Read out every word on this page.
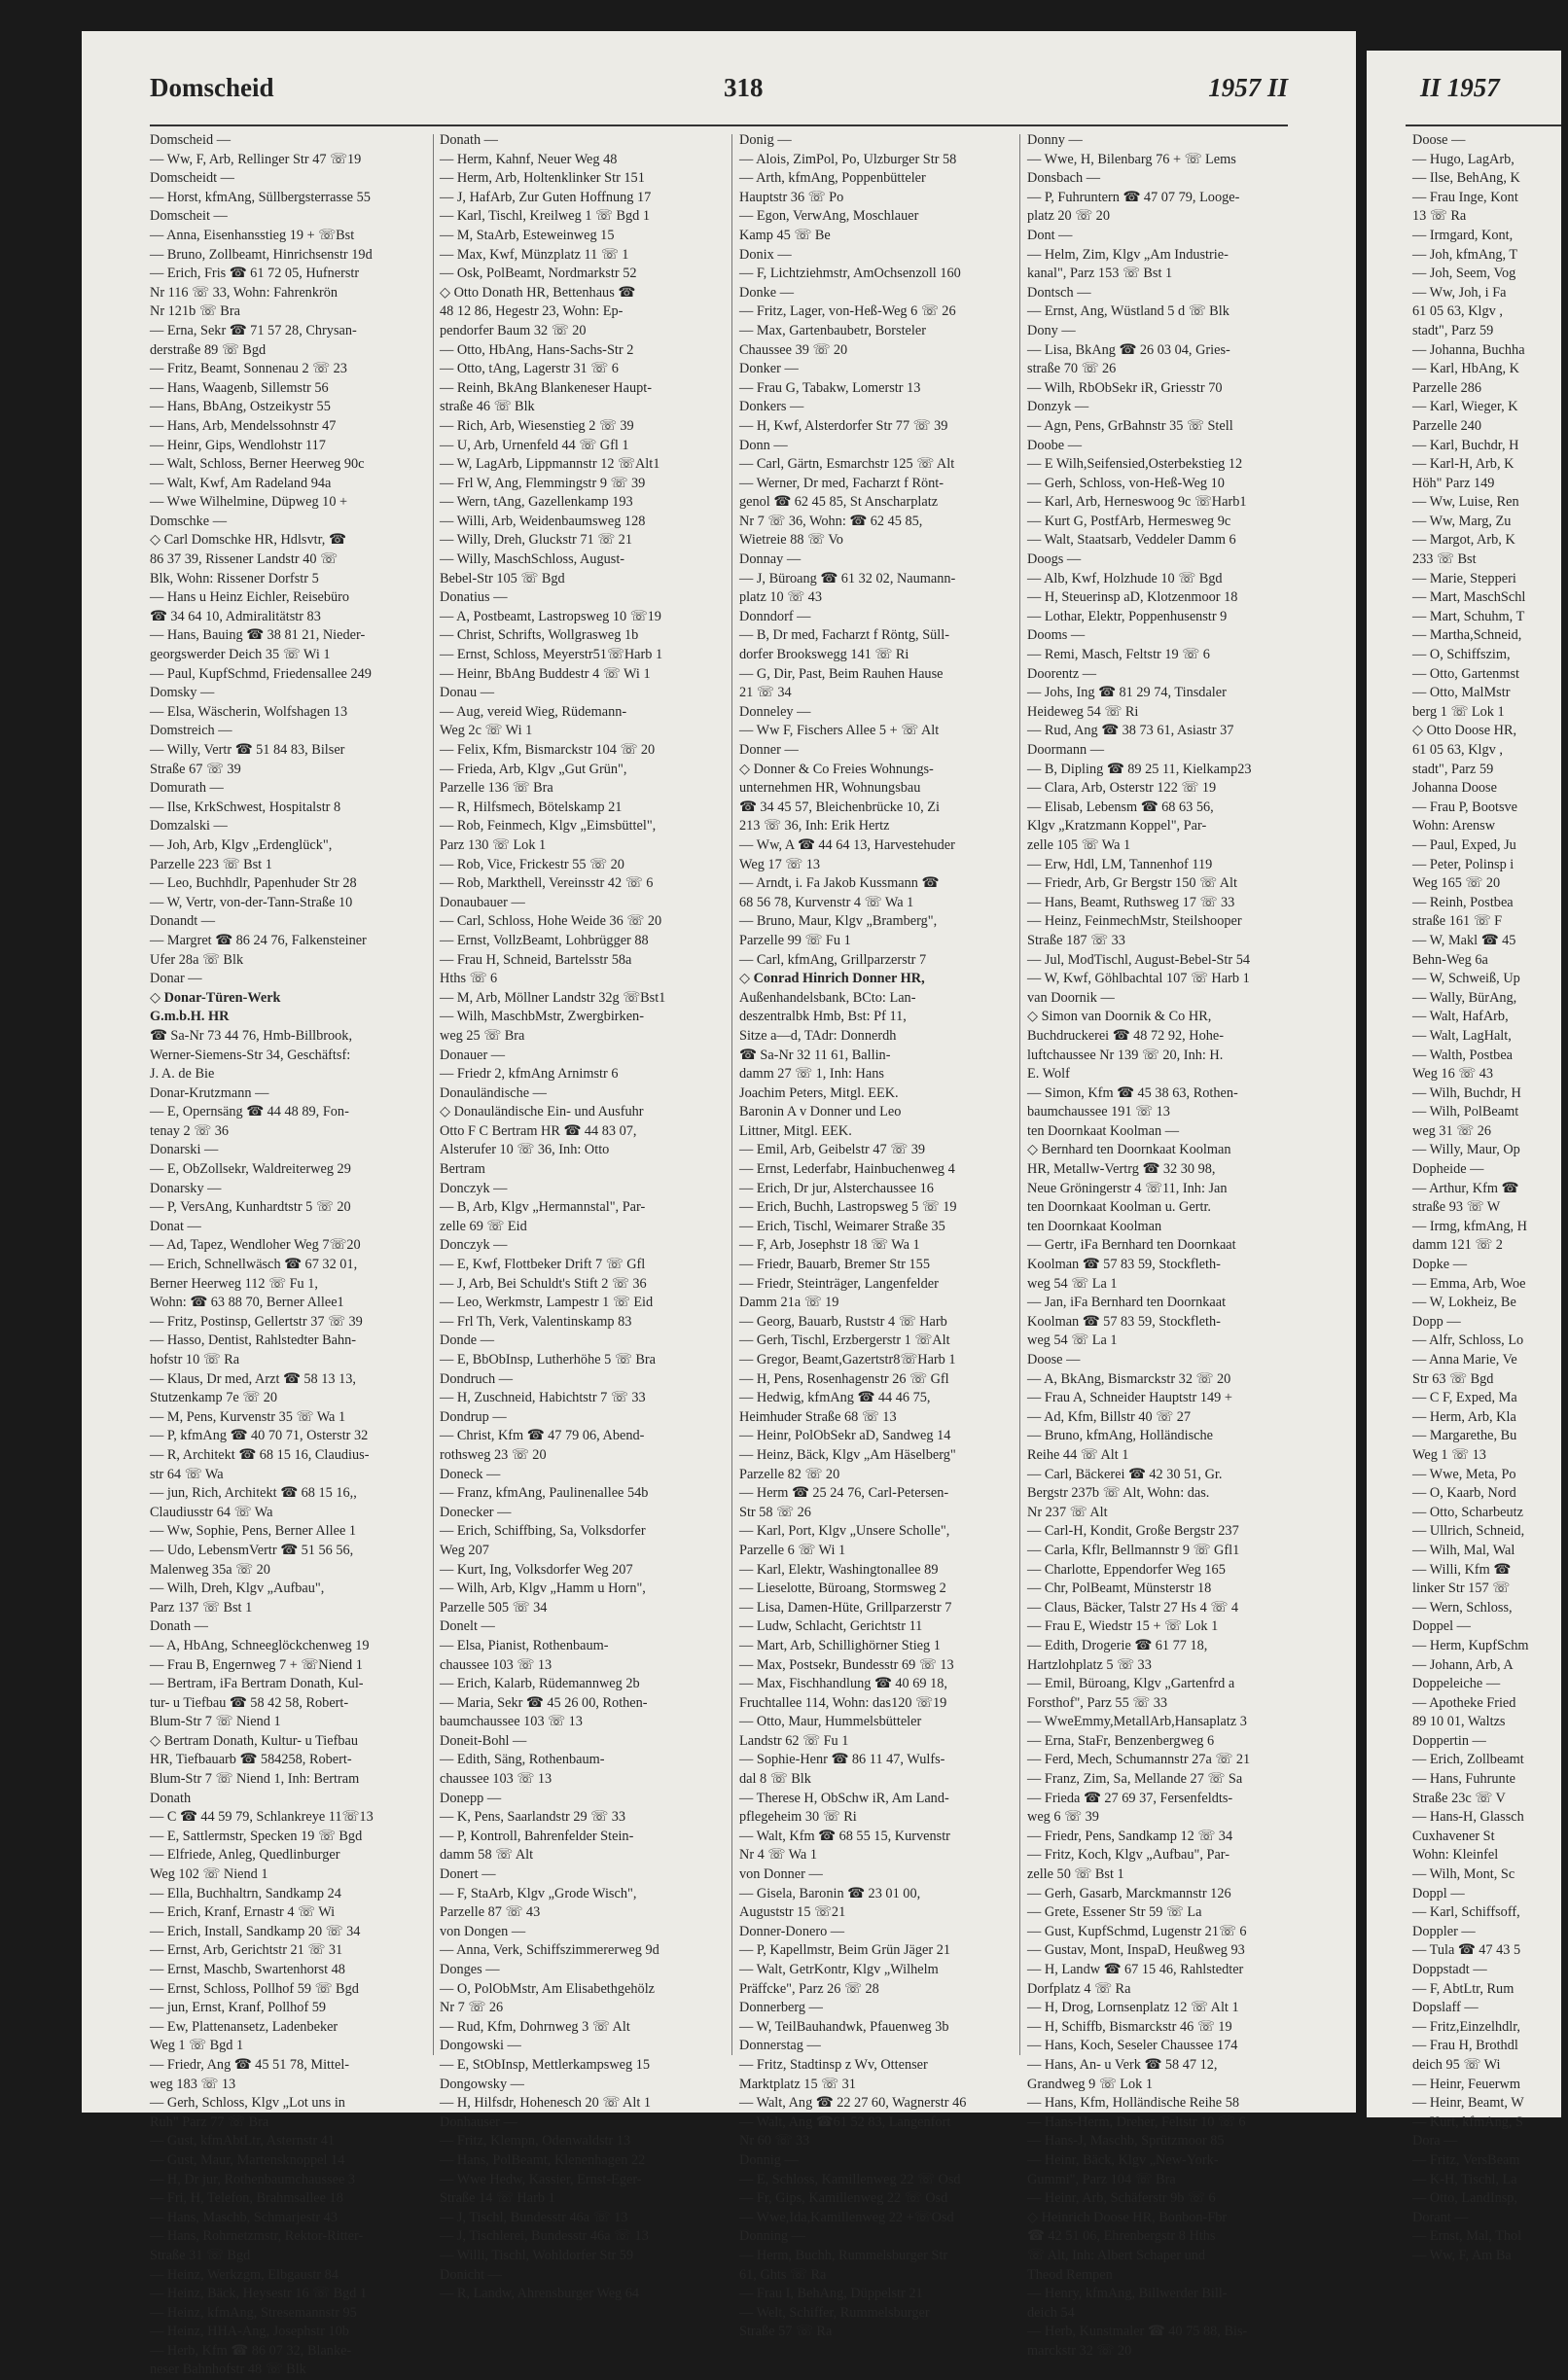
Domscheid	318	1957 II	II 1957
Domscheid —
— Ww, F, Arb, Rellinger Str 47 ☏19
Domscheidt —
— Horst, kfmAng, Süllbergsterrasse 55
Domscheit —
— Anna, Eisenhansstieg 19 + ☏Bst
— Bruno, Zollbeamt, Hinrichsenstr 19d
— Erich, Fris ☎ 61 72 05, Hufnerstr
Nr 116 ☏ 33, Wohn: Fahrenkrön
Nr 121b ☏ Bra
— Erna, Sekr ☎ 71 57 28, Chrysan-
derstraße 89 ☏ Bgd
— Fritz, Beamt, Sonnenau 2 ☏ 23
— Hans, Waagenb, Sillemstr 56
— Hans, BbAng, Ostzeikystr 55
— Hans, Arb, Mendelssohnstr 47
— Heinr, Gips, Wendlohstr 117
— Walt, Schloss, Berner Heerweg 90c
— Walt, Kwf, Am Radeland 94a
— Wwe Wilhelmine, Düpweg 10 +
Domschke —
◇ Carl Domschke HR, Hdlsvtr, ☎
86 37 39, Rissener Landstr 40 ☏
Blk, Wohn: Rissener Dorfstr 5
— Hans u Heinz Eichler, Reisebüro
☎ 34 64 10, Admiralitätstr 83
— Hans, Bauing ☎ 38 81 21, Nieder-
georgswerder Deich 35 ☏ Wi 1
— Paul, KupfSchmd, Friedensallee 249
Domsky —
— Elsa, Wäscherin, Wolfshagen 13
Domstreich —
— Willy, Vertr ☎ 51 84 83, Bilser
Straße 67 ☏ 39
Domurath —
— Ilse, KrkSchwest, Hospitalstr 8
Domzalski —
— Joh, Arb, Klgv „Erdenglück",
Parzelle 223 ☏ Bst 1
— Leo, Buchhdlr, Papenhuder Str 28
— W, Vertr, von-der-Tann-Straße 10
Donandt —
— Margret ☎ 86 24 76, Falkensteiner
Ufer 28a ☏ Blk
Donar —
◇ Donar-Türen-Werk
G.m.b.H. HR
☎ Sa-Nr 73 44 76, Hmb-Billbrook,
Werner-Siemens-Str 34, Geschäftsf:
J. A. de Bie
Donar-Krutzmann —
— E, Opernsäng ☎ 44 48 89, Fon-
tenay 2 ☏ 36
Donarski —
— E, ObZollsekr, Waldreiterweg 29
Donarsky —
— P, VersAng, Kunhardtstr 5 ☏ 20
Donat —
— Ad, Tapez, Wendloher Weg 7☏20
— Erich, Schnellwäsch ☎ 67 32 01,
Berner Heerweg 112 ☏ Fu 1,
Wohn: ☎ 63 88 70, Berner Allee1
— Fritz, Postinsp, Gellertstr 37 ☏ 39
— Hasso, Dentist, Rahlstedter Bahn-
hofstr 10 ☏ Ra
— Klaus, Dr med, Arzt ☎ 58 13 13,
Stutzenkamp 7e ☏ 20
— M, Pens, Kurvenstr 35 ☏ Wa 1
— P, kfmAng ☎ 40 70 71, Osterstr 32
— R, Architekt ☎ 68 15 16, Claudius-
str 64 ☏ Wa
— jun, Rich, Architekt ☎ 68 15 16,,
Claudiusstr 64 ☏ Wa
— Ww, Sophie, Pens, Berner Allee 1
— Udo, LebensmVertr ☎ 51 56 56,
Malenweg 35a ☏ 20
— Wilh, Dreh, Klgv „Aufbau",
Parz 137 ☏ Bst 1
Donath —
— A, HbAng, Schneeglöckchenweg 19
— Frau B, Engernweg 7 + ☏Niend 1
— Bertram, iFa Bertram Donath, Kul-
tur- u Tiefbau ☎ 58 42 58, Robert-
Blum-Str 7 ☏ Niend 1
◇ Bertram Donath, Kultur- u Tiefbau
HR, Tiefbauarb ☎ 584258, Robert-
Blum-Str 7 ☏ Niend 1, Inh: Bertram
Donath
— C ☎ 44 59 79, Schlankreye 11☏13
— E, Sattlermstr, Specken 19 ☏ Bgd
— Elfriede, Anleg, Quedlinburger
Weg 102 ☏ Niend 1
— Ella, Buchhaltrn, Sandkamp 24
— Erich, Kranf, Ernastr 4 ☏ Wi
— Erich, Install, Sandkamp 20 ☏ 34
— Ernst, Arb, Gerichtstr 21 ☏ 31
— Ernst, Maschb, Swartenhorst 48
— Ernst, Schloss, Pollhof 59 ☏ Bgd
— jun, Ernst, Kranf, Pollhof 59
— Ew, Plattenansetz, Ladenbeker
Weg 1 ☏ Bgd 1
— Friedr, Ang ☎ 45 51 78, Mittel-
weg 183 ☏ 13
— Gerh, Schloss, Klgv „Lot uns in
Ruh" Parz 77 ☏ Bra
— Gust, kfmAbtLtr, Asternstr 41
— Gust, Maur, Martensknoppel 14
— H, Dr jur, Rothenbaumchaussee 3
— Fri, H, Telefon, Brahmsallee 18
— Hans, Maschb, Schmarjestr 43
— Hans, Rohrnetzmstr, Rektor-Ritter-
Straße 31 ☏ Bgd
— Heinz, Werkzgm, Elbgaustr 84
— Heinz, Bäck, Heysestr 16 ☏ Bgd 1
— Heinz, kfmAng, Stresemannstr 95
— Heinz, HHA-Ang, Josephstr 10b
— Herb, Kfm ☎ 86 07 32, Blanke-
neser Bahnhofstr 48 ☏ Blk
Donath —
— Herm, Kahnf, Neuer Weg 48
— Herm, Arb, Holtenklinker Str 151
— J, HafArb, Zur Guten Hoffnung 17
— Karl, Tischl, Kreilweg 1 ☏ Bgd 1
— M, StaArb, Esteweinweg 15
— Max, Kwf, Münzplatz 11 ☏ 1
— Osk, PolBeamt, Nordmarkstr 52
◇ Otto Donath HR, Bettenhaus ☎
48 12 86, Hegestr 23, Wohn: Ep-
pendorfer Baum 32 ☏ 20
— Otto, HbAng, Hans-Sachs-Str 2
— Otto, tAng, Lagerstr 31 ☏ 6
— Reinh, BkAng Blankeneser Haupt-
straße 46 ☏ Blk
— Rich, Arb, Wiesenstieg 2 ☏ 39
— U, Arb, Urnenfeld 44 ☏ Gfl 1
— W, LagArb, Lippmannstr 12 ☏Alt1
— Frl W, Ang, Flemmingstr 9 ☏ 39
— Wern, tAng, Gazellenkamp 193
— Willi, Arb, Weidenbaumsweg 128
— Willy, Dreh, Gluckstr 71 ☏ 21
— Willy, MaschSchloss, August-
Bebel-Str 105 ☏ Bgd
Donatius —
— A, Postbeamt, Lastropsweg 10 ☏19
— Christ, Schrifts, Wollgrasweg 1b
— Ernst, Schloss, Meyerstr51☏Harb 1
— Heinr, BbAng Buddestr 4 ☏ Wi 1
Donau —
— Aug, vereid Wieg, Rüdemann-
Weg 2c ☏ Wi 1
— Felix, Kfm, Bismarckstr 104 ☏ 20
— Frieda, Arb, Klgv „Gut Grün",
Parzelle 136 ☏ Bra
— R, Hilfsmech, Bötelskamp 21
— Rob, Feinmech, Klgv „Eimsbüttel",
Parz 130 ☏ Lok 1
— Rob, Vice, Frickestr 55 ☏ 20
— Rob, Markthell, Vereinsstr 42 ☏ 6
Donaubauer —
— Carl, Schloss, Hohe Weide 36 ☏ 20
— Ernst, VollzBeamt, Lohbrügger 88
— Frau H, Schneid, Bartelsstr 58a
Hths ☏ 6
— M, Arb, Möllner Landstr 32g ☏Bst1
— Wilh, MaschbMstr, Zwergbirken-
weg 25 ☏ Bra
Donauer —
— Friedr 2, kfmAng Arnimstr 6
Donauländische —
◇ Donauländische Ein- und Ausfuhr
Otto F C Bertram HR ☎ 44 83 07,
Alsterufer 10 ☏ 36, Inh: Otto
Bertram
Donczyk —
— B, Arb, Klgv „Hermannstal", Par-
zelle 69 ☏ Eid
Donczyk —
— E, Kwf, Flottbeker Drift 7 ☏ Gfl
— J, Arb, Bei Schuldt's Stift 2 ☏ 36
— Leo, Werkmstr, Lampestr 1 ☏ Eid
— Frl Th, Verk, Valentinskamp 83
Donde —
— E, BbObInsp, Lutherhöhe 5 ☏ Bra
Dondruch —
— H, Zuschneid, Habichtstr 7 ☏ 33
Dondrup —
— Christ, Kfm ☎ 47 79 06, Abend-
rothsweg 23 ☏ 20
Doneck —
— Franz, kfmAng, Paulinenallee 54b
Donecker —
— Erich, Schiffbing, Sa, Volksdorfer
Weg 207
— Kurt, Ing, Volksdorfer Weg 207
— Wilh, Arb, Klgv „Hamm u Horn",
Parzelle 505 ☏ 34
Donelt —
— Elsa, Pianist, Rothenbaum-
chaussee 103 ☏ 13
— Erich, Kalarb, Rüdemannweg 2b
— Maria, Sekr ☎ 45 26 00, Rothen-
baumchaussee 103 ☏ 13
Doneit-Bohl —
— Edith, Säng, Rothenbaum-
chaussee 103 ☏ 13
Donepp —
— K, Pens, Saarlandstr 29 ☏ 33
— P, Kontroll, Bahrenfelder Stein-
damm 58 ☏ Alt
Donert —
— F, StaArb, Klgv „Grode Wisch",
Parzelle 87 ☏ 43
von Dongen —
— Anna, Verk, Schiffszimmererweg 9d
Donges —
— O, PolObMstr, Am Elisabethgehölz
Nr 7 ☏ 26
— Rud, Kfm, Dohrnweg 3 ☏ Alt
Dongowski —
— E, StObInsp, Mettlerkampsweg 15
Dongowsky —
— H, Hilfsdr, Hohenesch 20 ☏ Alt 1
Donhauser —
— Fritz, Klempn, Odenwaldstr 13
— Hans, PolBeamt, Klenenhagen 22
— Wwe Hedw, Kassier, Ernst-Eger-
Straße 14 ☏ Harb 1
— J, Tischl, Bundesstr 46a ☏ 13
— J, Tischlerei, Bundesstr 46a ☏ 13
— Willi, Tischl, Wohldorfer Str 59
Donicht —
— R, Landw, Ahrensburger Weg 64
Donig —
— Alois, ZimPol, Po, Ulzburger Str 58
— Arth, kfmAng, Poppenbütteler
Hauptstr 36 ☏ Po
— Egon, VerwAng, Moschlauer
Kamp 45 ☏ Be
Donix —
— F, Lichtziehmstr, AmOchsenzoll 160
Donke —
— Fritz, Lager, von-Heß-Weg 6 ☏ 26
— Max, Gartenbaubetr, Borsteler
Chaussee 39 ☏ 20
Donker —
— Frau G, Tabakw, Lomerstr 13
Donkers —
— H, Kwf, Alsterdorfer Str 77 ☏ 39
Donn —
— Carl, Gärtn, Esmarchstr 125 ☏ Alt
— Werner, Dr med, Facharzt f Rönt-
genol ☎ 62 45 85, St Anscharplatz
Nr 7 ☏ 36, Wohn: ☎ 62 45 85,
Wietreie 88 ☏ Vo
Donnay —
— J, Büroang ☎ 61 32 02, Naumann-
platz 10 ☏ 43
Donndorf —
— B, Dr med, Facharzt f Röntg, Süll-
dorfer Brookswegg 141 ☏ Ri
— G, Dir, Past, Beim Rauhen Hause
21 ☏ 34
Donneley —
— Ww F, Fischers Allee 5 + ☏ Alt
Donner —
◇ Donner & Co Freies Wohnungs-
unternehmen HR, Wohnungsbau
☎ 34 45 57, Bleichenbrücke 10, Zi
213 ☏ 36, Inh: Erik Hertz
— Ww, A ☎ 44 64 13, Harvestehuder
Weg 17 ☏ 13
— Arndt, i. Fa Jakob Kussmann ☎
68 56 78, Kurvenstr 4 ☏ Wa 1
— Bruno, Maur, Klgv „Bramberg",
Parzelle 99 ☏ Fu 1
— Carl, kfmAng, Grillparzerstr 7
◇ Conrad Hinrich Donner HR,
Außenhandelsbank, BCto: Lan-
deszentralbk Hmb, Bst: Pf 11,
Sitze a—d, TAdr: Donnerdh
☎ Sa-Nr 32 11 61, Ballin-
damm 27 ☏ 1, Inh: Hans
Joachim Peters, Mitgl. EEK.
Baronin A v Donner und Leo
Littner, Mitgl. EEK.
— Emil, Arb, Geibelstr 47 ☏ 39
— Ernst, Lederfabr, Hainbuchenweg 4
— Erich, Dr jur, Alsterchaussee 16
— Erich, Buchh, Lastropsweg 5 ☏ 19
— Erich, Tischl, Weimarer Straße 35
— F, Arb, Josephstr 18 ☏ Wa 1
— Friedr, Bauarb, Bremer Str 155
— Friedr, Steinträger, Langenfelder
Damm 21a ☏ 19
— Georg, Bauarb, Ruststr 4 ☏ Harb
— Gerh, Tischl, Erzbergerstr 1 ☏Alt
— Gregor, Beamt,Gazertstr8☏Harb 1
— H, Pens, Rosenhagenstr 26 ☏ Gfl
— Hedwig, kfmAng ☎ 44 46 75,
Heimhuder Straße 68 ☏ 13
— Heinr, PolObSekr aD, Sandweg 14
— Heinz, Bäck, Klgv „Am Häselberg"
Parzelle 82 ☏ 20
— Herm ☎ 25 24 76, Carl-Petersen-
Str 58 ☏ 26
— Karl, Port, Klgv „Unsere Scholle",
Parzelle 6 ☏ Wi 1
— Karl, Elektr, Washingtonallee 89
— Lieselotte, Büroang, Stormsweg 2
— Lisa, Damen-Hüte, Grillparzerstr 7
— Ludw, Schlacht, Gerichtstr 11
— Mart, Arb, Schillighörner Stieg 1
— Max, Postsekr, Bundesstr 69 ☏ 13
— Max, Fischhandlung ☎ 40 69 18,
Fruchtallee 114, Wohn: das120 ☏19
— Otto, Maur, Hummelsbütteler
Landstr 62 ☏ Fu 1
— Sophie-Henr ☎ 86 11 47, Wulfs-
dal 8 ☏ Blk
— Therese H, ObSchw iR, Am Land-
pflegeheim 30 ☏ Ri
— Walt, Kfm ☎ 68 55 15, Kurvenstr
Nr 4 ☏ Wa 1
von Donner —
— Gisela, Baronin ☎ 23 01 00,
Auguststr 15 ☏21
Donner-Donero —
— P, Kapellmstr, Beim Grün Jäger 21
— Walt, GetrKontr, Klgv „Wilhelm
Präffcke", Parz 26 ☏ 28
Donnerberg —
— W, TeilBauhandwk, Pfauenweg 3b
Donnerstag —
— Fritz, Stadtinsp z Wv, Ottenser
Marktplatz 15 ☏ 31
— Walt, Ang ☎ 22 27 60, Wagnerstr 46
— Walt, Ang ☎61 52 83, Langenfort
Nr 60 ☏ 33
Donnig —
— E, Schloss, Kamillenweg 22 ☏ Osd
— Fr, Gips, Kamillenweg 22 ☏ Osd
— Wwe,Ida,Kamillenweg 22 +☏Osd
Donning —
— Herm, Buchh, Rummelsburger Str
61, Ghts ☏ Ra
— Frau I, BehAng, Düppelstr 21
— Welt, Schiffer, Rummelsburger
Straße 57 ☏ Ra
Donny —
— Wwe, H, Bilenbarg 76 + ☏ Lems
Donsbach —
— P, Fuhruntern ☎ 47 07 79, Looge-
platz 20 ☏ 20
Dont —
— Helm, Zim, Klgv „Am Industrie-
kanal", Parz 153 ☏ Bst 1
Dontsch —
— Ernst, Ang, Wüstland 5 d ☏ Blk
Dony —
— Lisa, BkAng ☎ 26 03 04, Gries-
straße 70 ☏ 26
— Wilh, RbObSekr iR, Griesstr 70
Donzyk —
— Agn, Pens, GrBahnstr 35 ☏ Stell
Doobe —
— E Wilh,Seifensied,Osterbekstieg 12
— Gerh, Schloss, von-Heß-Weg 10
— Karl, Arb, Herneswoog 9c ☏Harb1
— Kurt G, PostfArb, Hermesweg 9c
— Walt, Staatsarb, Veddeler Damm 6
Doogs —
— Alb, Kwf, Holzhude 10 ☏ Bgd
— H, Steuerinsp aD, Klotzenmoor 18
— Lothar, Elektr, Poppenhusenstr 9
Dooms —
— Remi, Masch, Feltstr 19 ☏ 6
Doorentz —
— Johs, Ing ☎ 81 29 74, Tinsdaler
Heideweg 54 ☏ Ri
— Rud, Ang ☎ 38 73 61, Asiastr 37
Doormann —
— B, Dipling ☎ 89 25 11, Kielkamp23
— Clara, Arb, Osterstr 122 ☏ 19
— Elisab, Lebensm ☎ 68 63 56,
Klgv „Kratzmann Koppel", Par-
zelle 105 ☏ Wa 1
— Erw, Hdl, LM, Tannenhof 119
— Friedr, Arb, Gr Bergstr 150 ☏ Alt
— Hans, Beamt, Ruthsweg 17 ☏ 33
— Heinz, FeinmechMstr, Steilshooper
Straße 187 ☏ 33
— Jul, ModTischl, August-Bebel-Str 54
— W, Kwf, Göhlbachtal 107 ☏ Harb 1
van Doornik —
◇ Simon van Doornik & Co HR,
Buchdruckerei ☎ 48 72 92, Hohe-
luftchaussee Nr 139 ☏ 20, Inh: H.
E. Wolf
— Simon, Kfm ☎ 45 38 63, Rothen-
baumchaussee 191 ☏ 13
ten Doornkaat Koolman —
◇ Bernhard ten Doornkaat Koolman
HR, Metallw-Vertrg ☎ 32 30 98,
Neue Gröningerstr 4 ☏11, Inh: Jan
ten Doornkaat Koolman u. Gertr.
ten Doornkaat Koolman
— Gertr, iFa Bernhard ten Doornkaat
Koolman ☎ 57 83 59, Stockfleth-
weg 54 ☏ La 1
— Jan, iFa Bernhard ten Doornkaat
Koolman ☎ 57 83 59, Stockfleth-
weg 54 ☏ La 1
Doose —
— A, BkAng, Bismarckstr 32 ☏ 20
— Frau A, Schneider Hauptstr 149 +
— Ad, Kfm, Billstr 40 ☏ 27
— Bruno, kfmAng, Holländische
Reihe 44 ☏ Alt 1
— Carl, Bäckerei ☎ 42 30 51, Gr.
Bergstr 237b ☏ Alt, Wohn: das.
Nr 237 ☏ Alt
— Carl-H, Kondit, Große Bergstr 237
— Carla, Kflr, Bellmannstr 9 ☏ Gfl1
— Charlotte, Eppendorfer Weg 165
— Chr, PolBeamt, Münsterstr 18
— Claus, Bäcker, Talstr 27 Hs 4 ☏ 4
— Frau E, Wiedstr 15 + ☏ Lok 1
— Edith, Drogerie ☎ 61 77 18,
Hartzlohplatz 5 ☏ 33
— Emil, Büroang, Klgv „Gartenfrd a
Forsthof", Parz 55 ☏ 33
— WweEmmy,MetallArb,Hansaplatz 3
— Erna, StaFr, Benzenbergweg 6
— Ferd, Mech, Schumannstr 27a ☏ 21
— Franz, Zim, Sa, Mellande 27 ☏ Sa
— Frieda ☎ 27 69 37, Fersenfeldts-
weg 6 ☏ 39
— Friedr, Pens, Sandkamp 12 ☏ 34
— Fritz, Koch, Klgv „Aufbau", Par-
zelle 50 ☏ Bst 1
— Gerh, Gasarb, Marckmannstr 126
— Grete, Essener Str 59 ☏ La
— Gust, KupfSchmd, Lugenstr 21☏ 6
— Gustav, Mont, InspaD, Heußweg 93
— H, Landw ☎ 67 15 46, Rahlstedter
Dorfplatz 4 ☏ Ra
— H, Drog, Lornsenplatz 12 ☏ Alt 1
— H, Schiffb, Bismarckstr 46 ☏ 19
— Hans, Koch, Seseler Chaussee 174
— Hans, An- u Verk ☎ 58 47 12,
Grandweg 9 ☏ Lok 1
— Hans, Kfm, Holländische Reihe 58
— Hans-Herm, Dreher, Feltstr 10 ☏ 6
— Hans-J, Maschb, Sprützmoor 85
— Heinr, Bäck, Klgv „New-York-
Gummi", Parz 104 ☏ Bra
— Heinr, Arb, Schäferstr 9b ☏ 6
◇ Heinrich Doose HR, Bonbon-Fbr
☎ 42 51 06, Ehrenbergstr 8 Hths
☏ Alt, Inh: Albert Schaper und
Theod Rempen
— Henry, kfmAng, Billwerder Bill-
deich 54
— Herb, Kunstmaler ☎ 40 75 88, Bis-
marckstr 32 ☏ 20
Doose —
— Hugo, LagArb,
— Ilse, BehAng, K
— Frau Inge, Kont
13 ☏ Ra
— Irmgard, Kont,
— Joh, kfmAng, T
— Joh, Seem, Vog
— Ww, Joh, i Fa
61 05 63, Klgv ,
stadt", Parz 59
— Johanna, Buchha
— Karl, HbAng, K
Parzelle 286
— Karl, Wieger, K
Parzelle 240
— Karl, Buchdr, H
— Karl-H, Arb, K
Höh" Parz 149
— Ww, Luise, Ren
— Ww, Marg, Zu
— Margot, Arb, K
233 ☏ Bst
— Marie, Stepperi
— Mart, MaschSchl
— Mart, Schuhm, T
— Martha,Schneid,
— O, Schiffszim,
— Otto, Gartenmst
— Otto, MalMstr
berg 1 ☏ Lok 1
◇ Otto Doose HR,
61 05 63, Klgv ,
stadt", Parz 59
Johanna Doose
— Frau P, Bootsve
Wohn: Arensw
— Paul, Exped, Ju
— Peter, Polinsp i
Weg 165 ☏ 20
— Reinh, Postbea
straße 161 ☏ F
— W, Makl ☎ 45
Behn-Weg 6a
— W, Schweiß, Up
— Wally, BürAng,
— Walt, HafArb,
— Walt, LagHalt,
— Walth, Postbea
Weg 16 ☏ 43
— Wilh, Buchdr, H
— Wilh, PolBeamt
weg 31 ☏ 26
— Willy, Maur, Op
Dopheide —
— Arthur, Kfm ☎
straße 93 ☏ W
— Irmg, kfmAng, H
damm 121 ☏ 2
Dopke —
— Emma, Arb, Woe
— W, Lokheiz, Be
Dopp —
— Alfr, Schloss, Lo
— Anna Marie, Ve
Str 63 ☏ Bgd
— C F, Exped, Ma
— Herm, Arb, Kla
— Margarethe, Bu
Weg 1 ☏ 13
— Wwe, Meta, Po
— O, Kaarb, Nord
— Otto, Scharbeutz
— Ullrich, Schneid,
— Wilh, Mal, Wal
— Willi, Kfm ☎
linker Str 157 ☏
— Wern, Schloss,
Doppel —
— Herm, KupfSchm
— Johann, Arb, A
Doppeleiche —
— Apotheke Fried
89 10 01, Waltzs
Doppertin —
— Erich, Zollbeamt
— Hans, Fuhrunte
Straße 23c ☏ V
— Hans-H, Glassch
Cuxhavener St
Wohn: Kleinfel
— Wilh, Mont, Sc
Doppl —
— Karl, Schiffsoff,
Doppler —
— Tula ☎ 47 43 5
Doppstadt —
— F, AbtLtr, Rum
Dopslaff —
— Fritz,Einzelhdlr,
— Frau H, Brothdl
deich 95 ☏ Wi
— Heinr, Feuerwm
— Heinr, Beamt, W
— Kurt, kfmAng, S
Dora —
— Fritz, VersBeam
— K-H, Tischl, La
— Otto, LandInsp,
Dorant —
— Ernst, Mal, Thol
— Ww, F, Am Ba
